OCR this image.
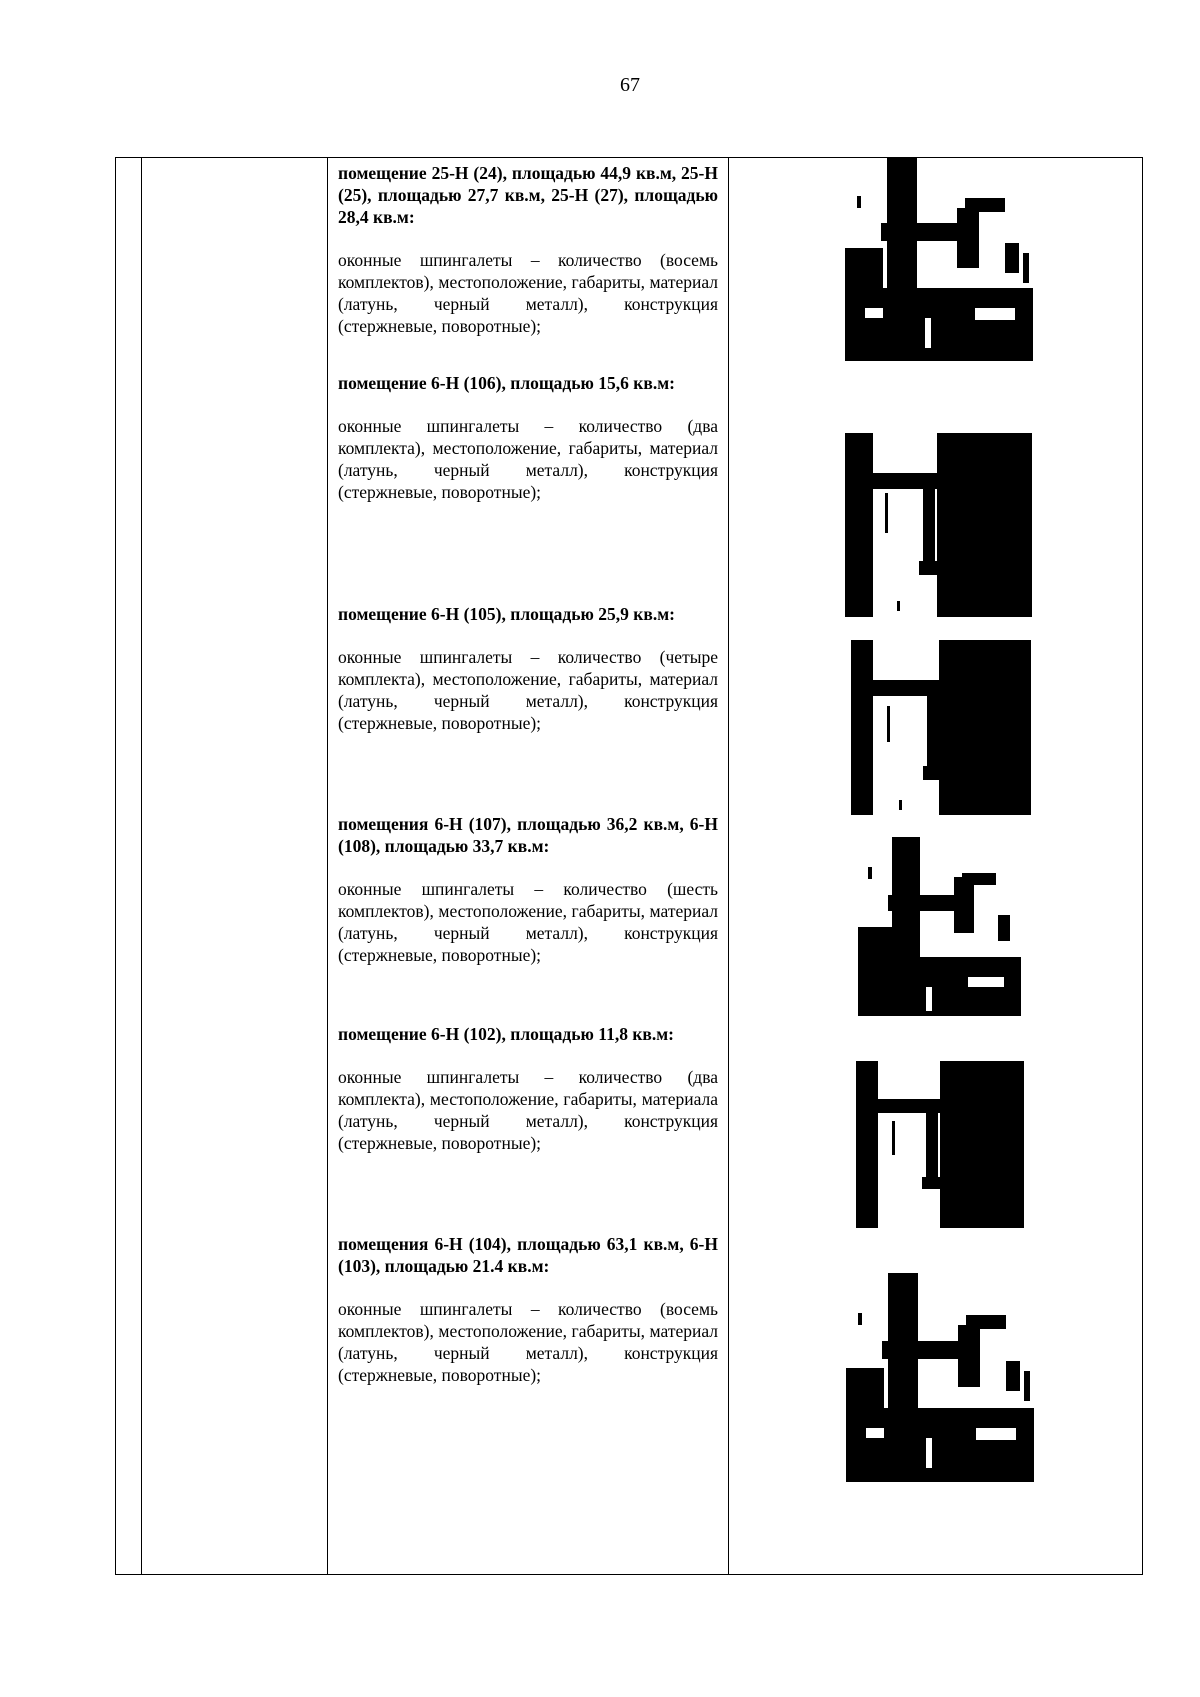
67

помещение 25-Н (24), площадью 44,9 кв.м, 25-Н (25), площадью 27,7 кв.м, 25-Н (27), площадью 28,4 кв.м:

оконные шпингалеты – количество (восемь комплектов), местоположение, габариты, материал (латунь, черный металл), конструкция (стержневые, поворотные);

помещение 6-Н (106), площадью 15,6 кв.м:

оконные шпингалеты – количество (два комплекта), местоположение, габариты, материал (латунь, черный металл), конструкция (стержневые, поворотные);

помещение 6-Н (105), площадью 25,9 кв.м:

оконные шпингалеты – количество (четыре комплекта), местоположение, габариты, материал (латунь, черный металл), конструкция (стержневые, поворотные);

помещения 6-Н (107), площадью 36,2 кв.м, 6-Н (108), площадью 33,7 кв.м:

оконные шпингалеты – количество (шесть комплектов), местоположение, габариты, материал (латунь, черный металл), конструкция (стержневые, поворотные);

помещение 6-Н (102), площадью 11,8 кв.м:

оконные шпингалеты – количество (два комплекта), местоположение, габариты, материала (латунь, черный металл), конструкция (стержневые, поворотные);

помещения 6-Н (104), площадью 63,1 кв.м, 6-Н (103), площадью 21.4 кв.м:

оконные шпингалеты – количество (восемь комплектов), местоположение, габариты, материал (латунь, черный металл), конструкция (стержневые, поворотные);
